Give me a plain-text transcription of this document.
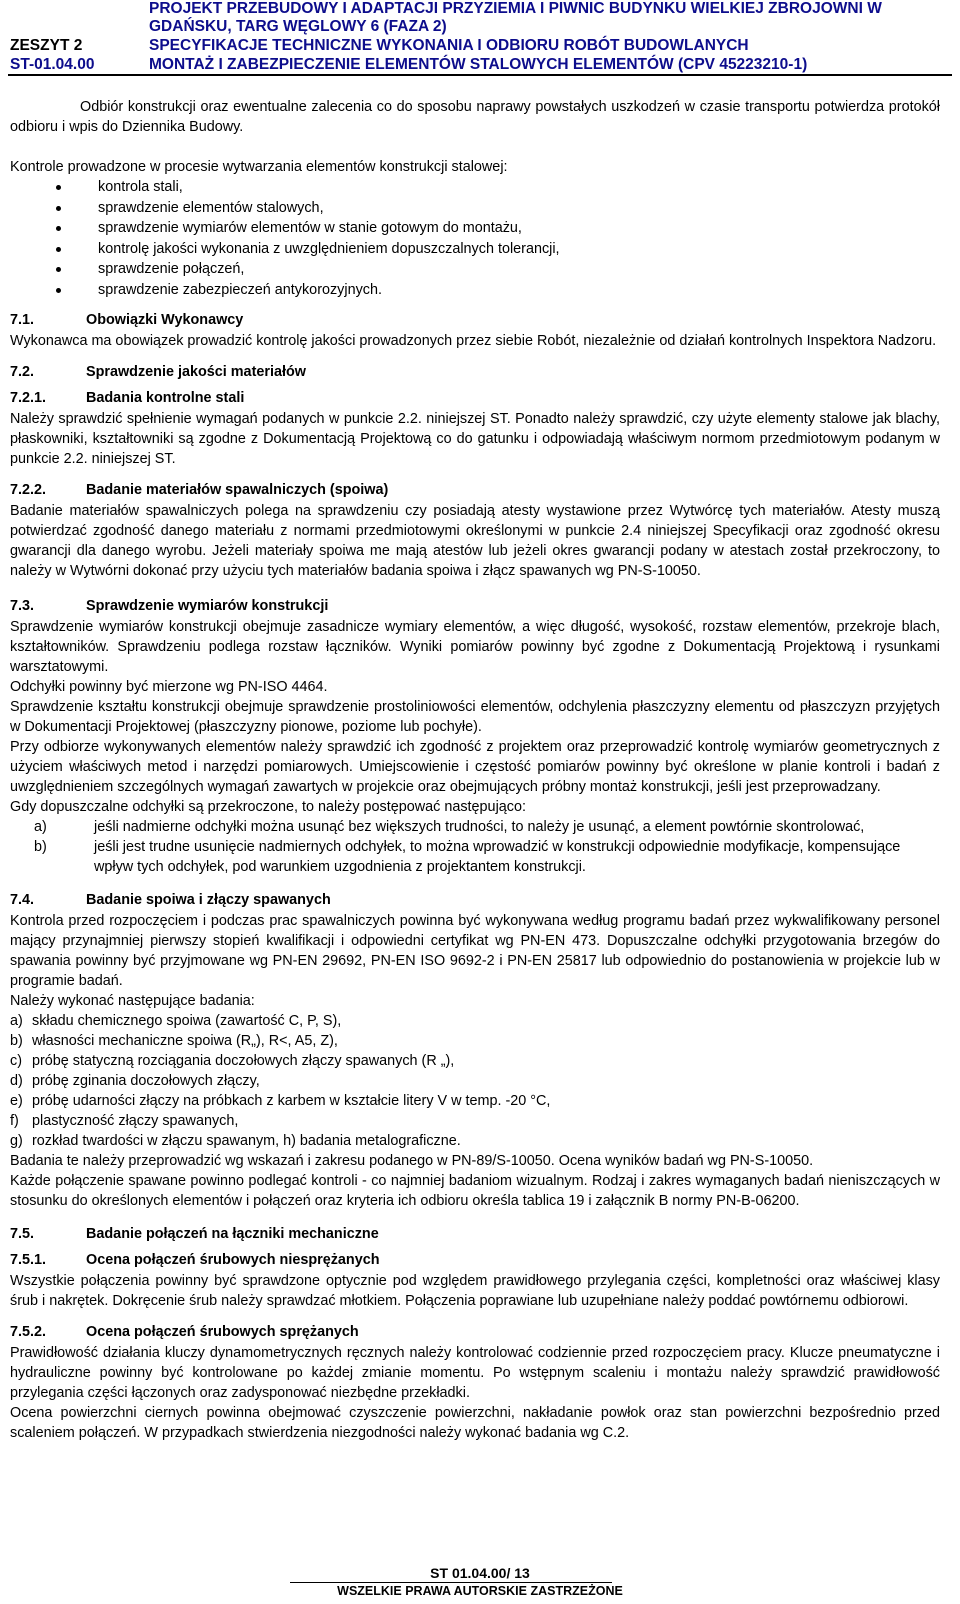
PROJEKT PRZEBUDOWY I ADAPTACJI PRZYZIEMIA I PIWNIC BUDYNKU WIELKIEJ ZBROJOWNI W
GDAŃSKU, TARG WĘGLOWY 6 (FAZA 2)
ZESZYT 2	SPECYFIKACJE TECHNICZNE WYKONANIA I ODBIORU ROBÓT BUDOWLANYCH
ST-01.04.00	MONTAŻ I ZABEZPIECZENIE ELEMENTÓW STALOWYCH ELEMENTÓW (CPV 45223210-1)

Odbiór konstrukcji oraz ewentualne zalecenia co do sposobu naprawy powstałych uszkodzeń w czasie transportu potwierdza protokół odbioru i wpis do Dziennika Budowy.

Kontrole prowadzone w procesie wytwarzania elementów konstrukcji stalowej:

kontrola stali,
sprawdzenie elementów stalowych,
sprawdzenie wymiarów elementów w stanie gotowym do montażu,
kontrolę jakości wykonania z uwzględnieniem dopuszczalnych tolerancji,
sprawdzenie połączeń,
sprawdzenie zabezpieczeń antykorozyjnych.
7.1.	Obowiązki Wykonawcy

Wykonawca ma obowiązek prowadzić kontrolę jakości prowadzonych przez siebie Robót, niezależnie od działań kontrolnych Inspektora Nadzoru.

7.2.	Sprawdzenie jakości materiałów
7.2.1.	Badania kontrolne stali

Należy sprawdzić spełnienie wymagań podanych w punkcie 2.2. niniejszej ST. Ponadto należy sprawdzić, czy użyte elementy stalowe jak blachy, płaskowniki, kształtowniki są zgodne z Dokumentacją Projektową co do gatunku i odpowiadają właściwym normom przedmiotowym podanym w punkcie 2.2. niniejszej ST.

7.2.2.	Badanie materiałów spawalniczych (spoiwa)

Badanie materiałów spawalniczych polega na sprawdzeniu czy posiadają atesty wystawione przez Wytwórcę tych materiałów. Atesty muszą potwierdzać zgodność danego materiału z normami przedmiotowymi określonymi w punkcie 2.4 niniejszej Specyfikacji oraz zgodność okresu gwarancji dla danego wyrobu. Jeżeli materiały spoiwa me mają atestów lub jeżeli okres gwarancji podany w atestach został przekroczony, to należy w Wytwórni dokonać przy użyciu tych materiałów badania spoiwa i złącz spawanych wg PN-S-10050.

7.3.	Sprawdzenie wymiarów konstrukcji

Sprawdzenie wymiarów konstrukcji obejmuje zasadnicze wymiary elementów, a więc długość, wysokość, rozstaw elementów, przekroje blach, kształtowników. Sprawdzeniu podlega rozstaw łączników. Wyniki pomiarów powinny być zgodne z Dokumentacją Projektową i rysunkami warsztatowymi.

Odchyłki powinny być mierzone wg PN-ISO 4464.

Sprawdzenie kształtu konstrukcji obejmuje sprawdzenie prostoliniowości elementów, odchylenia płaszczyzny elementu od płaszczyzn przyjętych w Dokumentacji Projektowej (płaszczyzny pionowe, poziome lub pochyłe).

Przy odbiorze wykonywanych elementów należy sprawdzić ich zgodność z projektem oraz przeprowadzić kontrolę wymiarów geometrycznych z użyciem właściwych metod i narzędzi pomiarowych. Umiejscowienie i częstość pomiarów powinny być określone w planie kontroli i badań z uwzględnieniem szczególnych wymagań zawartych w projekcie oraz obejmujących próbny montaż konstrukcji, jeśli jest przeprowadzany.

Gdy dopuszczalne odchyłki są przekroczone, to należy postępować następująco:

a)	jeśli nadmierne odchyłki można usunąć bez większych trudności, to należy je usunąć, a element powtórnie skontrolować,
b)	jeśli jest trudne usunięcie nadmiernych odchyłek, to można wprowadzić w konstrukcji odpowiednie modyfikacje, kompensujące wpływ tych odchyłek, pod warunkiem uzgodnienia z projektantem konstrukcji.
7.4.	Badanie spoiwa i złączy spawanych

Kontrola przed rozpoczęciem i podczas prac spawalniczych powinna być wykonywana według programu badań przez wykwalifikowany personel mający przynajmniej pierwszy stopień kwalifikacji i odpowiedni certyfikat wg PN-EN 473. Dopuszczalne odchyłki przygotowania brzegów do spawania powinny być przyjmowane wg PN-EN 29692, PN-EN ISO 9692-2 i PN-EN 25817 lub odpowiednio do postanowienia w projekcie lub w programie badań.

Należy wykonać następujące badania:

a) składu chemicznego spoiwa (zawartość C, P, S),
b) własności mechaniczne spoiwa (R„), R<, A5, Z),
c) próbę statyczną rozciągania doczołowych złączy spawanych (R „),
d) próbę zginania doczołowych złączy,
e) próbę udarności złączy na próbkach z karbem w kształcie litery V w temp. -20 °C,
f) plastyczność złączy spawanych,
g) rozkład twardości w złączu spawanym, h) badania metalograficzne.

Badania te należy przeprowadzić wg wskazań i zakresu podanego w PN-89/S-10050. Ocena wyników badań wg PN-S-10050.

Każde połączenie spawane powinno podlegać kontroli - co najmniej badaniom wizualnym. Rodzaj i zakres wymaganych badań nieniszczących w stosunku do określonych elementów i połączeń oraz kryteria ich odbioru określa tablica 19 i załącznik B normy PN-B-06200.

7.5.	Badanie połączeń na łączniki mechaniczne
7.5.1.	Ocena połączeń śrubowych niesprężanych

Wszystkie połączenia powinny być sprawdzone optycznie pod względem prawidłowego przylegania części, kompletności oraz właściwej klasy śrub i nakrętek. Dokręcenie śrub należy sprawdzać młotkiem. Połączenia poprawiane lub uzupełniane należy poddać powtórnemu odbiorowi.

7.5.2.	Ocena połączeń śrubowych sprężanych

Prawidłowość działania kluczy dynamometrycznych ręcznych należy kontrolować codziennie przed rozpoczęciem pracy. Klucze pneumatyczne i hydrauliczne powinny być kontrolowane po każdej zmianie momentu. Po wstępnym scaleniu i montażu należy sprawdzić prawidłowość przylegania części łączonych oraz zadysponować niezbędne przekładki.

Ocena powierzchni ciernych powinna obejmować czyszczenie powierzchni, nakładanie powłok oraz stan powierzchni bezpośrednio przed scaleniem połączeń. W przypadkach stwierdzenia niezgodności należy wykonać badania wg C.2.

ST 01.04.00/ 13
WSZELKIE PRAWA AUTORSKIE ZASTRZEŻONE
